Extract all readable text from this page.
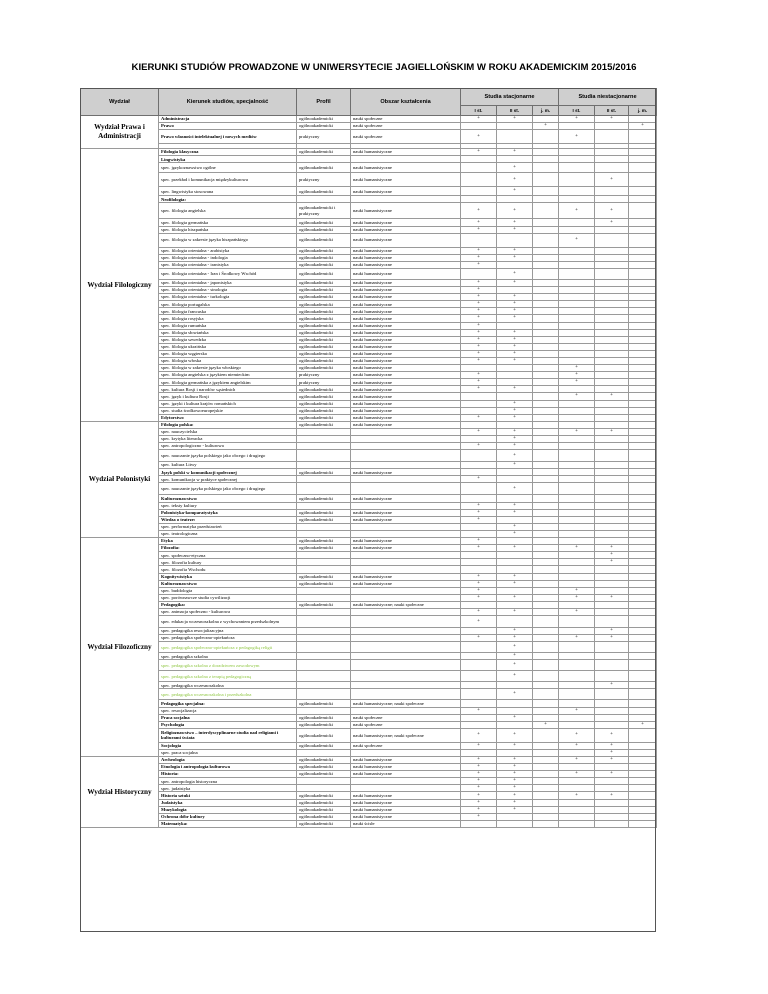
KIERUNKI STUDIÓW PROWADZONE W UNIWERSYTECIE JAGIELLOŃSKIM W ROKU AKADEMICKIM 2015/2016
Wydział	Kierunek studiów, specjalność	Profil	Obszar kształcenia	Studia stacjonarne			Studia niestacjonarne		
				I st.	II st.	j. m.	I st.	II st.	j. m.
Wydział Prawa i Administracji	Administracja	ogólnoakademicki	nauki społeczne	+	+		+	+	
	Prawo	ogólnoakademicki	nauki społeczne			+			+
	Prawo własności intelektualnej i nowych mediów	praktyczny	nauki społeczne	+			+		

Wydział Filologiczny	Filologia klasyczna	ogólnoakademicki	nauki humanistyczne	+	+				
	Lingwistyka								
	spec. językoznawstwo ogólne	ogólnoakademicki	nauki humanistyczne		+				
	spec. przekład i komunikacja międzykulturowa	praktyczny	nauki humanistyczne		+			+	
	spec. lingwistyka stosowana	ogólnoakademicki	nauki humanistyczne		+				
	Neofilologia:								
	spec. filologia angielska	ogólnoakademicki i praktyczny	nauki humanistyczne	+	+		+	+	
	spec. filologia germańska	ogólnoakademicki	nauki humanistyczne	+	+			+	
	spec. filologia hiszpańska	ogólnoakademicki	nauki humanistyczne	+	+				
	spec. filologia w zakresie języka hiszpańskiego	ogólnoakademicki	nauki humanistyczne				+		
	spec. filologia orientalna - arabistyka	ogólnoakademicki	nauki humanistyczne	+	+				
	spec. filologia orientalna - indologia	ogólnoakademicki	nauki humanistyczne	+	+				
	spec. filologia orientalna - iranistyka	ogólnoakademicki	nauki humanistyczne	+					
	spec. filologia orientalna - Iran i Środkowy Wschód	ogólnoakademicki	nauki humanistyczne		+				
	spec. filologia orientalna - japonistyka	ogólnoakademicki	nauki humanistyczne	+	+				
	spec. filologia orientalna - sinologia	ogólnoakademicki	nauki humanistyczne	+					
	spec. filologia orientalna - turkologia	ogólnoakademicki	nauki humanistyczne	+	+				
	spec. filologia portugalska	ogólnoakademicki	nauki humanistyczne	+	+				
	spec. filologia francuska	ogólnoakademicki	nauki humanistyczne	+	+				
	spec. filologia rosyjska	ogólnoakademicki	nauki humanistyczne	+	+				
	spec. filologia rumuńska	ogólnoakademicki	nauki humanistyczne	+					
	spec. filologia słowiańska	ogólnoakademicki	nauki humanistyczne	+	+				
	spec. filologia szwedzka	ogólnoakademicki	nauki humanistyczne	+	+				
	spec. filologia ukraińska	ogólnoakademicki	nauki humanistyczne	+	+				
	spec. filologia węgierska	ogólnoakademicki	nauki humanistyczne	+	+				
	spec. filologia włoska	ogólnoakademicki	nauki humanistyczne	+	+				
	spec. filologia w zakresie języka włoskiego	ogólnoakademicki	nauki humanistyczne				+		
	spec. filologia angielska z językiem niemieckim	praktyczny	nauki humanistyczne	+			+		
	spec. filologia germańska z językiem angielskim	praktyczny	nauki humanistyczne	+			+		
	spec. kultura Rosji i narodów sąsiednich	ogólnoakademicki	nauki humanistyczne	+	+				
	spec. język i kultura Rosji	ogólnoakademicki	nauki humanistyczne				+	+	
	spec. języki i kultura krajów romańskich	ogólnoakademicki	nauki humanistyczne		+				
	spec. studia środkowoeuropejskie	ogólnoakademicki	nauki humanistyczne		+				
	Edytorstwo	ogólnoakademicki	nauki humanistyczne	+	+				
Wydział Polonistyki	Filologia polska:	ogólnoakademicki	nauki humanistyczne						
	spec. nauczycielska			+	+		+	+	
	spec. krytyka literacka				+				
	spec. antropologiczno - kulturowa			+	+				
	spec. nauczanie języka polskiego jako obcego i drugiego				+				
	spec. kultura Litwy				+				
	Język polski w komunikacji społecznej	ogólnoakademicki	nauki humanistyczne						
	spec. komunikacja w praktyce społecznej			+					
	spec. nauczanie języka polskiego jako obcego i drugiego				+				
	Kulturoznawstwo:	ogólnoakademicki	nauki humanistyczne						
	spec. teksty kultury			+	+				
	Polonistyka-komparatystyka	ogólnoakademicki	nauki humanistyczne	+	+				
	Wiedza o teatrze:	ogólnoakademicki	nauki humanistyczne	+					
	spec. performatyka przedstawień				+				
	spec. teatrologiczna				+				
Wydział Filozoficzny	Etyka	ogólnoakademicki	nauki humanistyczne	+					
	Filozofia:	ogólnoakademicki	nauki humanistyczne	+	+		+	+	
	spec. społeczno-etyczna							+	
	spec. filozofia kultury							+	
	spec. filozofia Wschodu								
	Kognitywistyka	ogólnoakademicki	nauki humanistyczne	+	+				
	Kulturoznawstwo:	ogólnoakademicki	nauki humanistyczne	+	+				
	spec. buddologia			+			+		
	spec. porównawcze studia cywilizacji			+	+		+	+	
	Pedagogika:	ogólnoakademicki	nauki humanistyczne; nauki społeczne						
	spec. animacja społeczno - kulturowa			+	+		+		
	spec. edukacja wczesnoszkolna z wychowaniem przedszkolnym			+					
	spec. pedagogika resocjalizacyjna				+			+	
	spec. pedagogika społeczno-opiekuńcza			+	+		+	+	
	spec. pedagogika społeczno-opiekuńcza z pedagogiką religii				+				
	spec. pedagogika szkolna				+				
	spec. pedagogika szkolna z doradztwem zawodowym				+				
	spec. pedagogika szkolna z terapią pedagogiczną				+				
	spec. pedagogika wczesnoszkolna							+	
	spec. pedagogika wczesnoszkolna i przedszkolna				+				
	Pedagogika specjalna:	ogólnoakademicki	nauki humanistyczne; nauki społeczne						
	spec. resocjalizacja			+			+		
	Praca socjalna	ogólnoakademicki	nauki społeczne		+				
	Psychologia	ogólnoakademicki	nauki społeczne			+			+
	Religioznawstwo – interdyscyplinarne studia nad religiami i kulturami świata	ogólnoakademicki	nauki humanistyczne; nauki społeczne	+	+		+	+	
	Socjologia	ogólnoakademicki	nauki społeczne	+	+		+	+	
	spec. praca socjalna							+	
Wydział Historyczny	Archeologia	ogólnoakademicki	nauki humanistyczne	+	+		+	+	
	Etnologia i antropologia kulturowa	ogólnoakademicki	nauki humanistyczne	+	+				
	Historia:	ogólnoakademicki	nauki humanistyczne	+	+		+	+	
	spec. antropologia historyczna			+	+				
	spec. judaistyka			+	+				
	Historia sztuki	ogólnoakademicki	nauki humanistyczne	+	+		+	+	
	Judaistyka	ogólnoakademicki	nauki humanistyczne	+	+				
	Muzykologia	ogólnoakademicki	nauki humanistyczne	+	+				
	Ochrona dóbr kultury	ogólnoakademicki	nauki humanistyczne	+					
	Matematyka:	ogólnoakademicki	nauki ścisłe						
